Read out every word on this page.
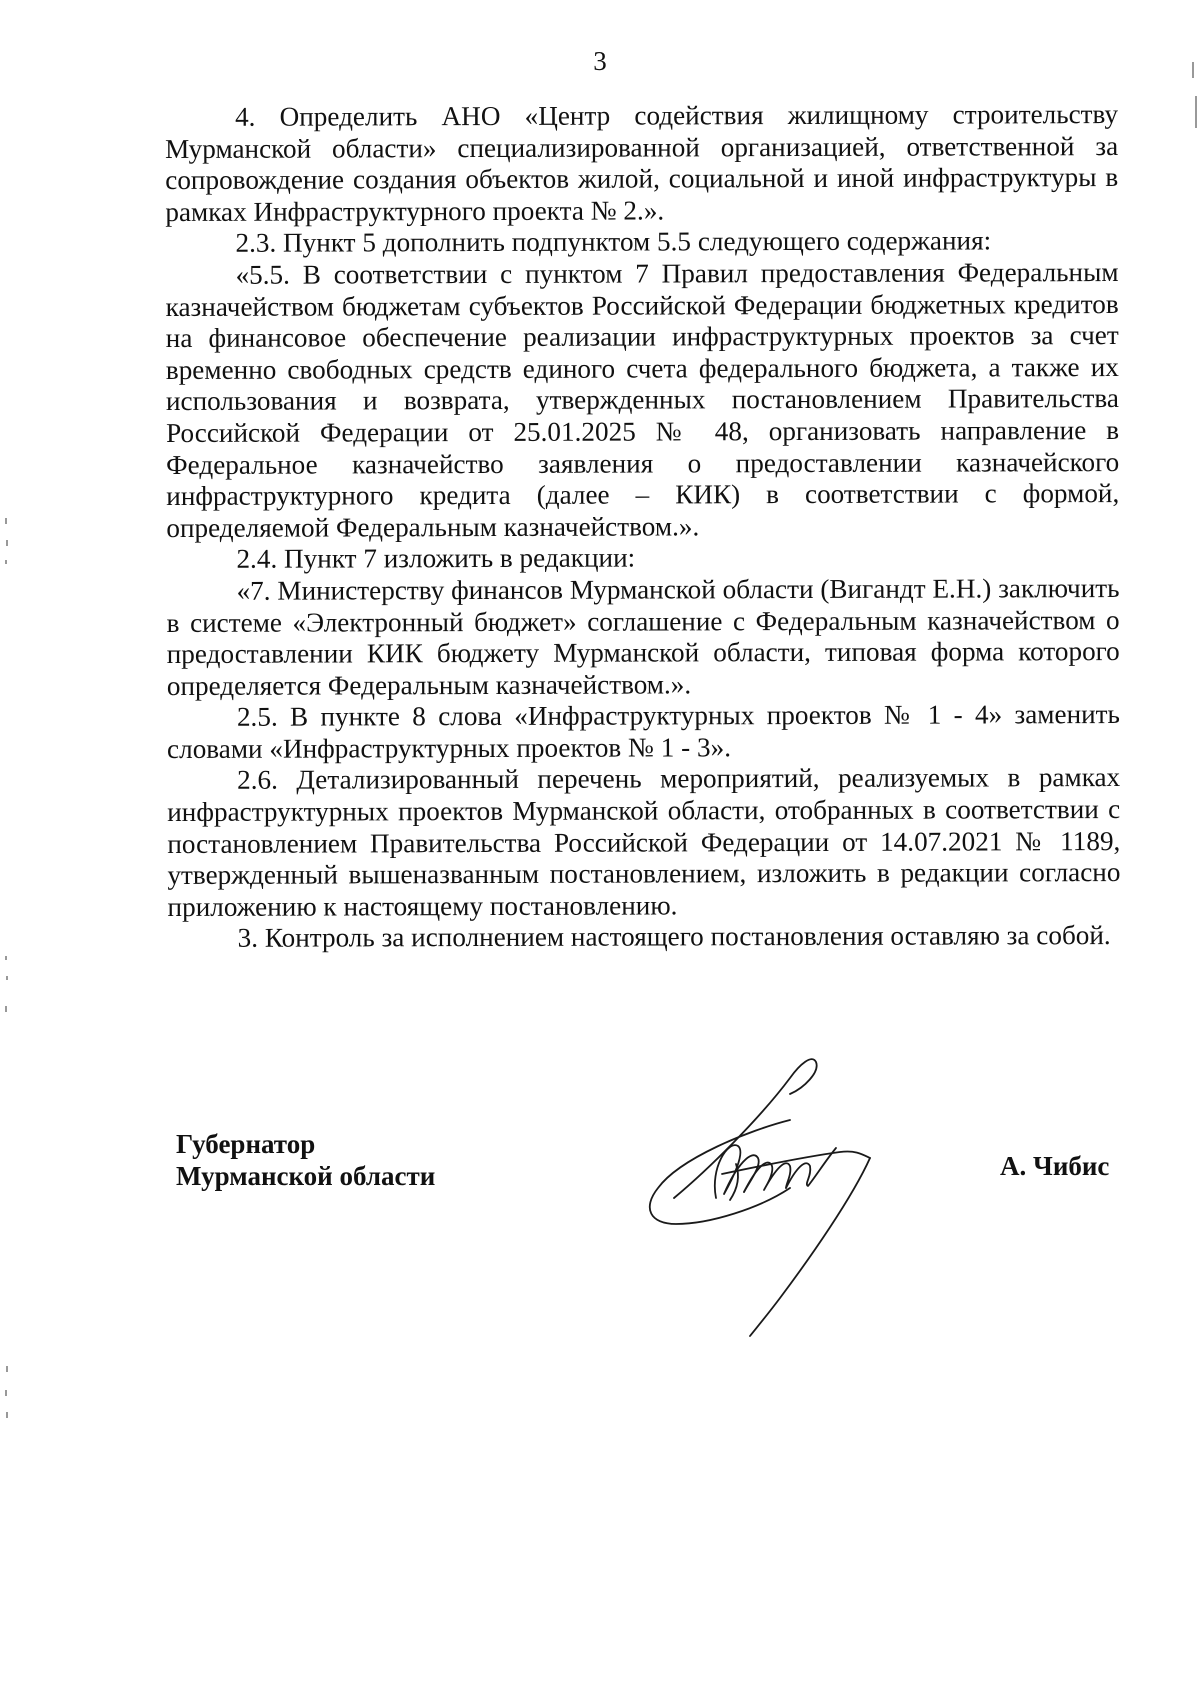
3

4. Определить АНО «Центр содействия жилищному строительству Мурманской области» специализированной организацией, ответственной за сопровождение создания объектов жилой, социальной и иной инфраструктуры в рамках Инфраструктурного проекта № 2.».

2.3. Пункт 5 дополнить подпунктом 5.5 следующего содержания:

«5.5. В соответствии с пунктом 7 Правил предоставления Федеральным казначейством бюджетам субъектов Российской Федерации бюджетных кредитов на финансовое обеспечение реализации инфраструктурных проектов за счет временно свободных средств единого счета федерального бюджета, а также их использования и возврата, утвержденных постановлением Правительства Российской Федерации от 25.01.2025 № 48, организовать направление в Федеральное казначейство заявления о предоставлении казначейского инфраструктурного кредита (далее – КИК) в соответствии с формой, определяемой Федеральным казначейством.».

2.4. Пункт 7 изложить в редакции:

«7. Министерству финансов Мурманской области (Вигандт Е.Н.) заключить в системе «Электронный бюджет» соглашение с Федеральным казначейством о предоставлении КИК бюджету Мурманской области, типовая форма которого определяется Федеральным казначейством.».

2.5. В пункте 8 слова «Инфраструктурных проектов № 1 - 4» заменить словами «Инфраструктурных проектов № 1 - 3».

2.6. Детализированный перечень мероприятий, реализуемых в рамках инфраструктурных проектов Мурманской области, отобранных в соответствии с постановлением Правительства Российской Федерации от 14.07.2021 № 1189, утвержденный вышеназванным постановлением, изложить в редакции согласно приложению к настоящему постановлению.

3. Контроль за исполнением настоящего постановления оставляю за собой.

Губернатор
Мурманской области	А. Чибис
